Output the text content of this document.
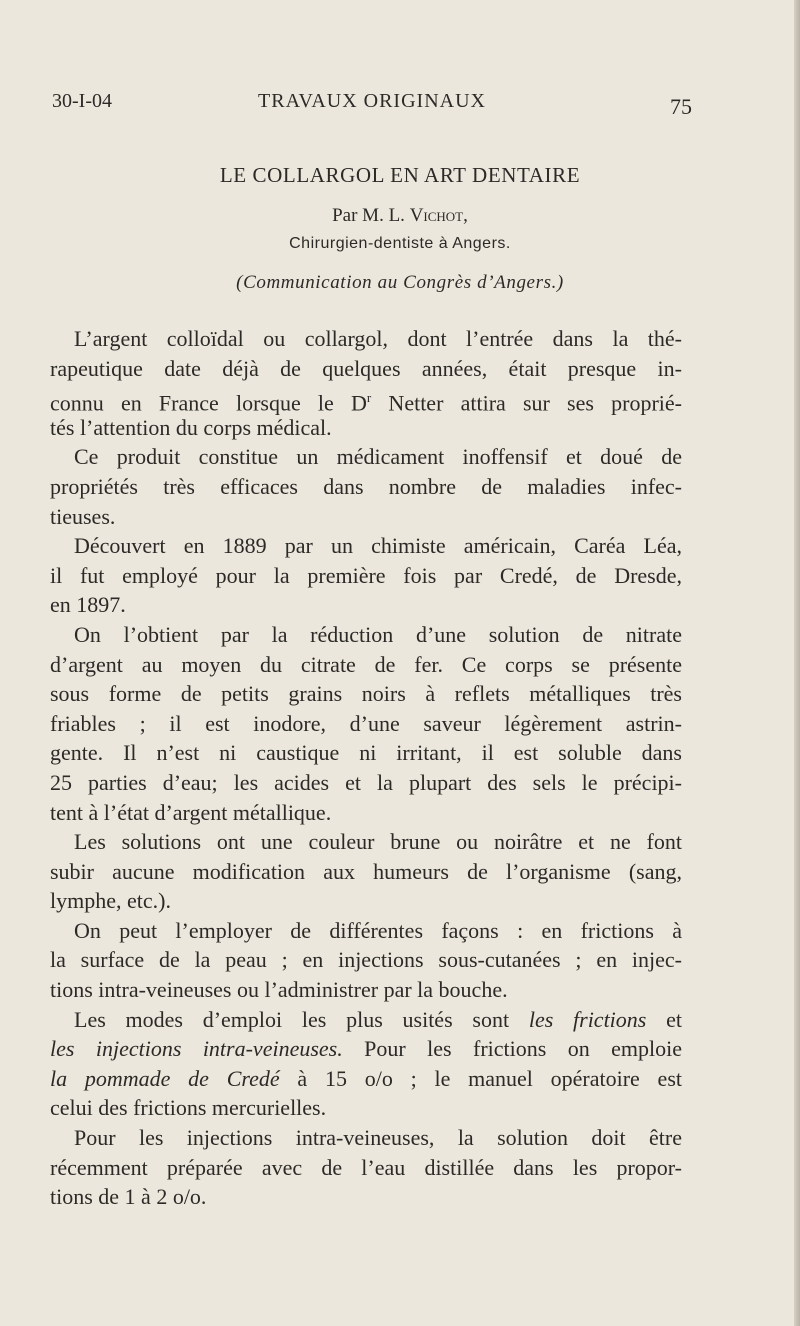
30-I-04	TRAVAUX ORIGINAUX	75
LE COLLARGOL EN ART DENTAIRE
Par M. L. Vichot,
Chirurgien-dentiste à Angers.
(Communication au Congrès d’Angers.)
L’argent colloïdal ou collargol, dont l’entrée dans la thé-
rapeutique date déjà de quelques années, était presque in-
connu en France lorsque le $D^r$ Netter attira sur ses proprié-
tés l’attention du corps médical.
Ce produit constitue un médicament inoffensif et doué de
propriétés très efficaces dans nombre de maladies infec-
tieuses.
Découvert en 1889 par un chimiste américain, Caréa Léa,
il fut employé pour la première fois par Credé, de Dresde,
en 1897.
On l’obtient par la réduction d’une solution de nitrate
d’argent au moyen du citrate de fer. Ce corps se présente
sous forme de petits grains noirs à reflets métalliques très
friables ; il est inodore, d’une saveur légèrement astrin-
gente. Il n’est ni caustique ni irritant, il est soluble dans
25 parties d’eau; les acides et la plupart des sels le précipi-
tent à l’état d’argent métallique.
Les solutions ont une couleur brune ou noirâtre et ne font
subir aucune modification aux humeurs de l’organisme (sang,
lymphe, etc.).
On peut l’employer de différentes façons : en frictions à
la surface de la peau ; en injections sous-cutanées ; en injec-
tions intra-veineuses ou l’administrer par la bouche.
Les modes d’emploi les plus usités sont les frictions et
les injections intra-veineuses. Pour les frictions on emploie
la pommade de Credé à 15 o/o ; le manuel opératoire est
celui des frictions mercurielles.
Pour les injections intra-veineuses, la solution doit être
récemment préparée avec de l’eau distillée dans les propor-
tions de 1 à 2 o/o.
